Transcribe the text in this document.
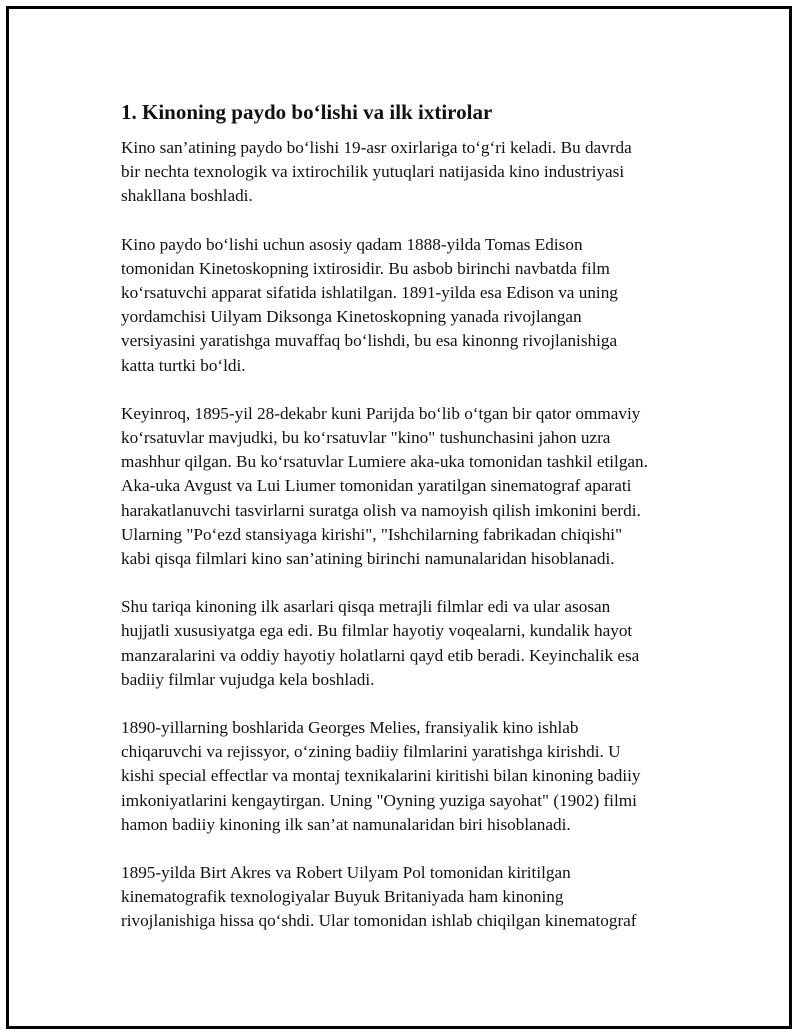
1. Kinoning paydo bo‘lishi va ilk ixtirolar

Kino san’atining paydo bo‘lishi 19-asr oxirlariga to‘g‘ri keladi. Bu davrda
bir nechta texnologik va ixtirochilik yutuqlari natijasida kino industriyasi
shakllana boshladi.

Kino paydo bo‘lishi uchun asosiy qadam 1888-yilda Tomas Edison
tomonidan Kinetoskopning ixtirosidir. Bu asbob birinchi navbatda film
ko‘rsatuvchi apparat sifatida ishlatilgan. 1891-yilda esa Edison va uning
yordamchisi Uilyam Diksonga Kinetoskopning yanada rivojlangan
versiyasini yaratishga muvaffaq bo‘lishdi, bu esa kinonng rivojlanishiga
katta turtki bo‘ldi.

Keyinroq, 1895-yil 28-dekabr kuni Parijda bo‘lib o‘tgan bir qator ommaviy
ko‘rsatuvlar mavjudki, bu ko‘rsatuvlar "kino" tushunchasini jahon uzra
mashhur qilgan. Bu ko‘rsatuvlar Lumiere aka-uka tomonidan tashkil etilgan.
Aka-uka Avgust va Lui Liumer tomonidan yaratilgan sinematograf aparati
harakatlanuvchi tasvirlarni suratga olish va namoyish qilish imkonini berdi.
Ularning "Po‘ezd stansiyaga kirishi", "Ishchilarning fabrikadan chiqishi"
kabi qisqa filmlari kino san’atining birinchi namunalaridan hisoblanadi.

Shu tariqa kinoning ilk asarlari qisqa metrajli filmlar edi va ular asosan
hujjatli xususiyatga ega edi. Bu filmlar hayotiy voqealarni, kundalik hayot
manzaralarini va oddiy hayotiy holatlarni qayd etib beradi. Keyinchalik esa
badiiy filmlar vujudga kela boshladi.

1890-yillarning boshlarida Georges Melies, fransiyalik kino ishlab
chiqaruvchi va rejissyor, o‘zining badiiy filmlarini yaratishga kirishdi. U
kishi special effectlar va montaj texnikalarini kiritishi bilan kinoning badiiy
imkoniyatlarini kengaytirgan. Uning "Oyning yuziga sayohat" (1902) filmi
hamon badiiy kinoning ilk san’at namunalaridan biri hisoblanadi.

1895-yilda Birt Akres va Robert Uilyam Pol tomonidan kiritilgan
kinematografik texnologiyalar Buyuk Britaniyada ham kinoning
rivojlanishiga hissa qo‘shdi. Ular tomonidan ishlab chiqilgan kinematograf
